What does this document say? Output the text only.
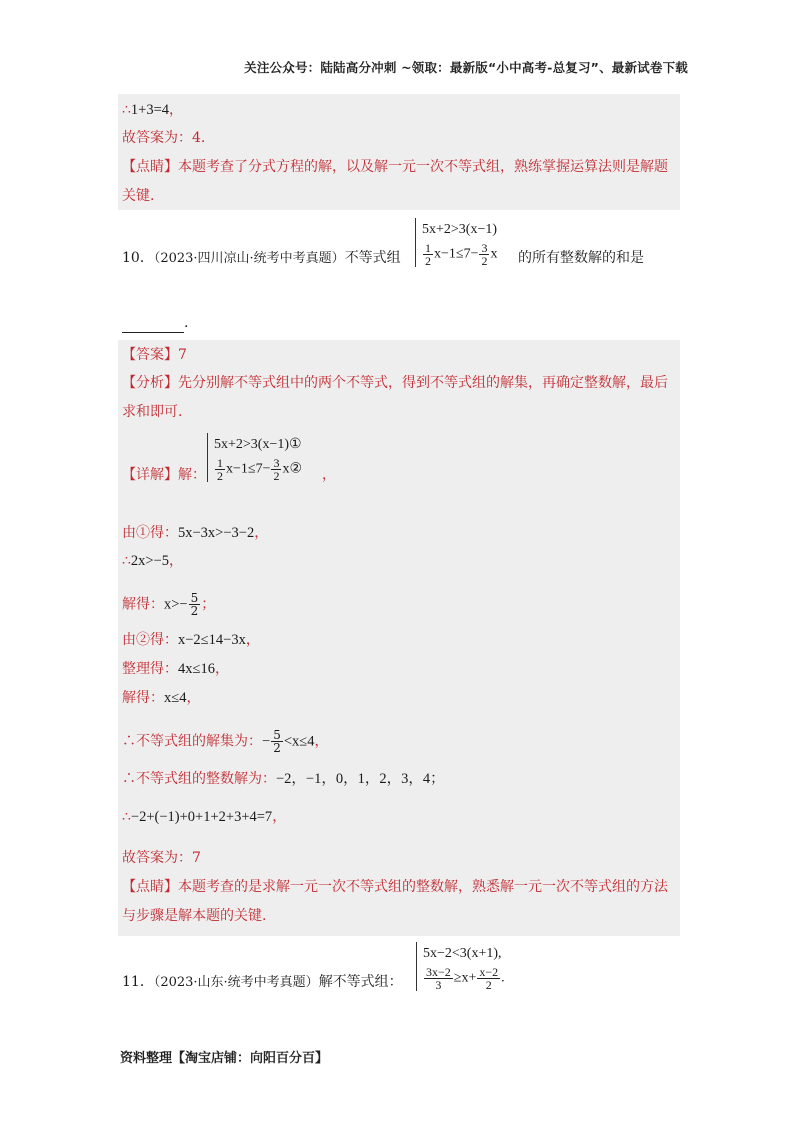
关注公众号：陆陆高分冲刺 ~领取：最新版“小中高考-总复习”、最新试卷下载
∴1+3=4，
故答案为：4.
【点睛】本题考查了分式方程的解，以及解一元一次不等式组，熟练掌握运算法则是解题
关键.
10．（2023·四川凉山·统考中考真题）不等式组
5x+2>3(x−1)
$\frac{1}{2} x-1\le 7- \frac{3}{2}$ x 的所有整数解的和是
.
【答案】7
【分析】先分别解不等式组中的两个不等式，得到不等式组的解集，再确定整数解，最后
求和即可.
【详解】解：
5x+2>3(x−1)①
$\frac{1}{2} x-1\le 7- \frac{3}{2}$ x② ，
由①得：5x−3x>−3−2，
∴2x>−5，
解得：$x>- \frac{5}{2}$ ；
由②得：x−2≤14−3x，
整理得：4x≤16，
解得：x≤4，
∴不等式组的解集为：− $\frac{5}{2} <x\le 4$，
∴不等式组的整数解为：−2，−1，0，1，2，3，4；
∴−2+(−1)+0+1+2+3+4=7，
故答案为：7
【点睛】本题考查的是求解一元一次不等式组的整数解，熟悉解一元一次不等式组的方法
与步骤是解本题的关键.
11．（2023·山东·统考中考真题）解不等式组：
5x−2<3(x+1),
$\frac{3x-2}{3} \ge x+ \frac{x-2}{2}$ .
资料整理【淘宝店铺：向阳百分百】
